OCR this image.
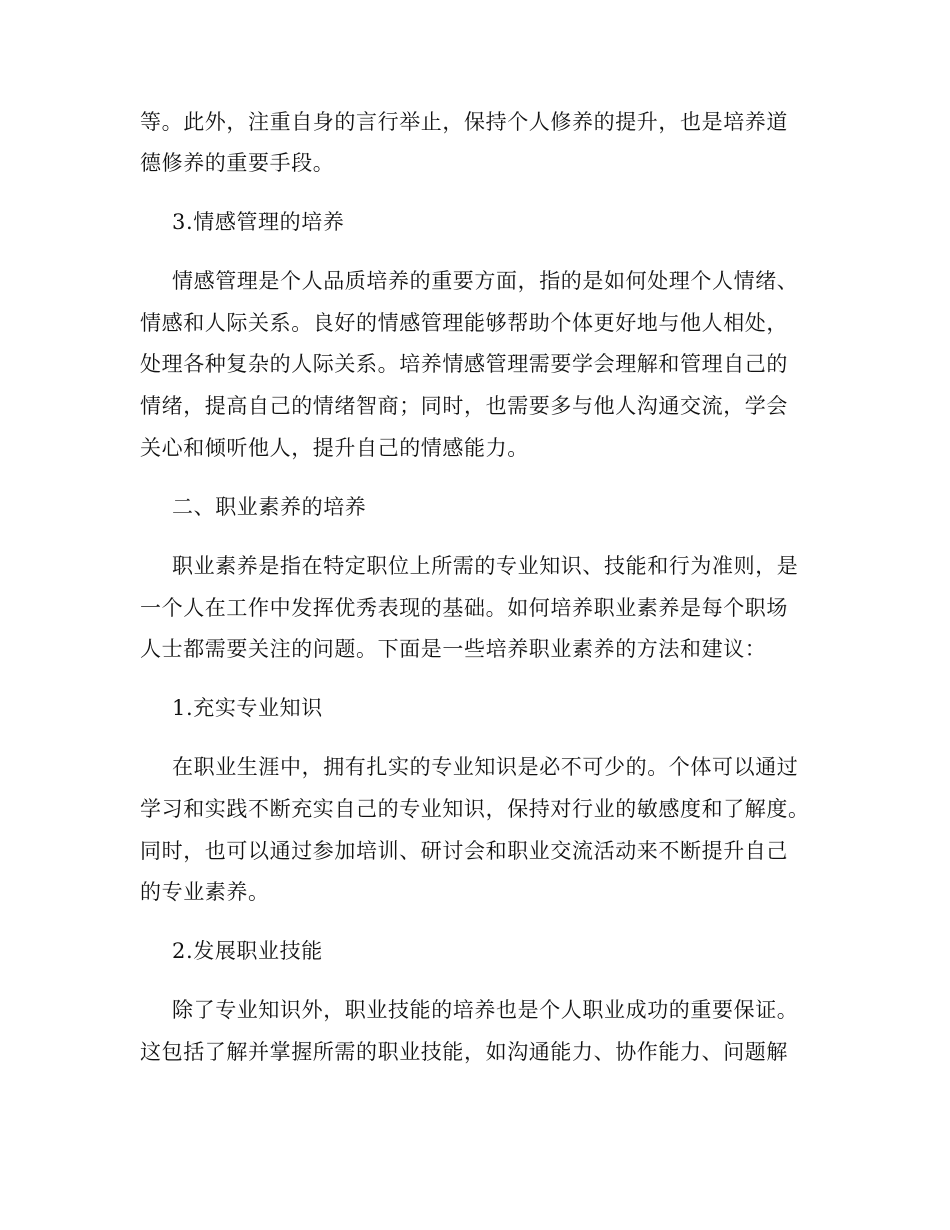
等。此外，注重自身的言行举止，保持个人修养的提升，也是培养道
德修养的重要手段。
3.情感管理的培养
情感管理是个人品质培养的重要方面，指的是如何处理个人情绪、
情感和人际关系。良好的情感管理能够帮助个体更好地与他人相处，
处理各种复杂的人际关系。培养情感管理需要学会理解和管理自己的
情绪，提高自己的情绪智商；同时，也需要多与他人沟通交流，学会
关心和倾听他人，提升自己的情感能力。
二、职业素养的培养
职业素养是指在特定职位上所需的专业知识、技能和行为准则，是
一个人在工作中发挥优秀表现的基础。如何培养职业素养是每个职场
人士都需要关注的问题。下面是一些培养职业素养的方法和建议：
1.充实专业知识
在职业生涯中，拥有扎实的专业知识是必不可少的。个体可以通过
学习和实践不断充实自己的专业知识，保持对行业的敏感度和了解度。
同时，也可以通过参加培训、研讨会和职业交流活动来不断提升自己
的专业素养。
2.发展职业技能
除了专业知识外，职业技能的培养也是个人职业成功的重要保证。
这包括了解并掌握所需的职业技能，如沟通能力、协作能力、问题解
